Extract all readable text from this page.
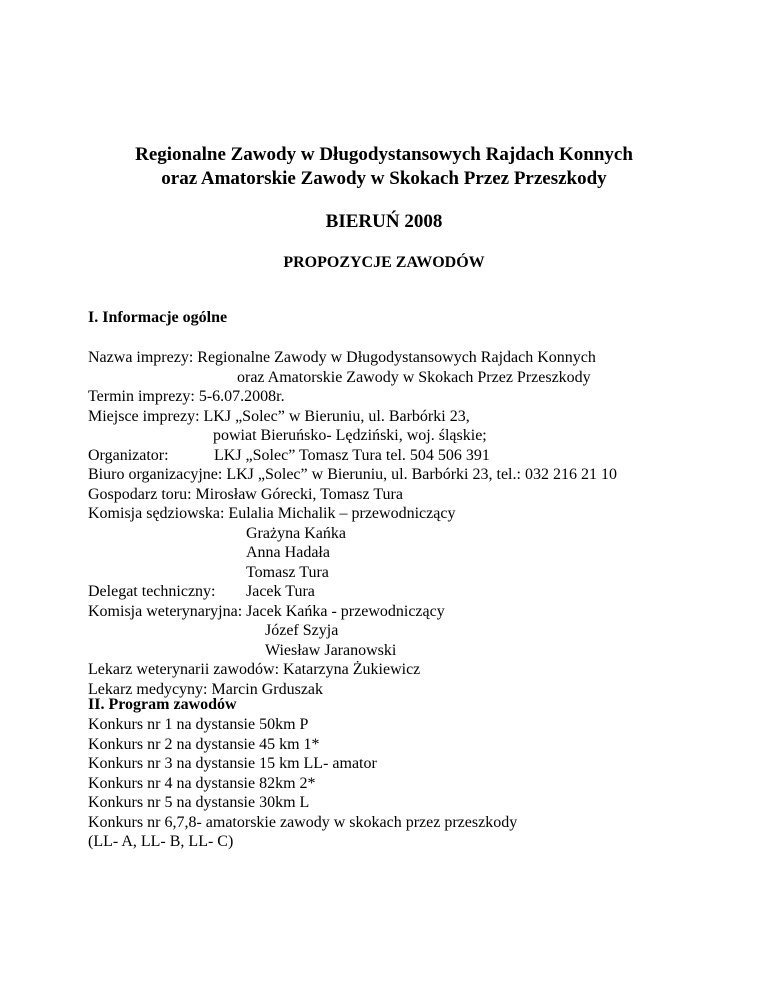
Regionalne Zawody w Długodystansowych Rajdach Konnych
oraz Amatorskie Zawody w Skokach Przez Przeszkody
BIERUŃ 2008
PROPOZYCJE ZAWODÓW
I. Informacje ogólne
Nazwa imprezy: Regionalne Zawody w Długodystansowych Rajdach Konnych
oraz Amatorskie Zawody w Skokach Przez Przeszkody
Termin imprezy: 5-6.07.2008r.
Miejsce imprezy: LKJ „Solec” w Bieruniu, ul. Barbórki 23,
powiat Bieruńsko- Lędziński, woj. śląskie;
Organizator:	LKJ „Solec” Tomasz Tura tel. 504 506 391
Biuro organizacyjne: LKJ „Solec” w Bieruniu, ul. Barbórki 23, tel.: 032 216 21 10
Gospodarz toru: Mirosław Górecki, Tomasz Tura
Komisja sędziowska: Eulalia Michalik – przewodniczący
Grażyna Kańka
Anna Hadała
Tomasz Tura
Delegat techniczny: Jacek Tura
Komisja weterynaryjna: Jacek Kańka - przewodniczący
Józef Szyja
Wiesław Jaranowski
Lekarz weterynarii zawodów: Katarzyna Żukiewicz
Lekarz medycyny: Marcin Grduszak
II. Program zawodów
Konkurs nr 1 na dystansie 50km P
Konkurs nr 2 na dystansie 45 km 1*
Konkurs nr 3 na dystansie 15 km LL- amator
Konkurs nr 4 na dystansie 82km 2*
Konkurs nr 5 na dystansie 30km L
Konkurs nr 6,7,8- amatorskie zawody w skokach przez przeszkody
(LL- A, LL- B, LL- C)
